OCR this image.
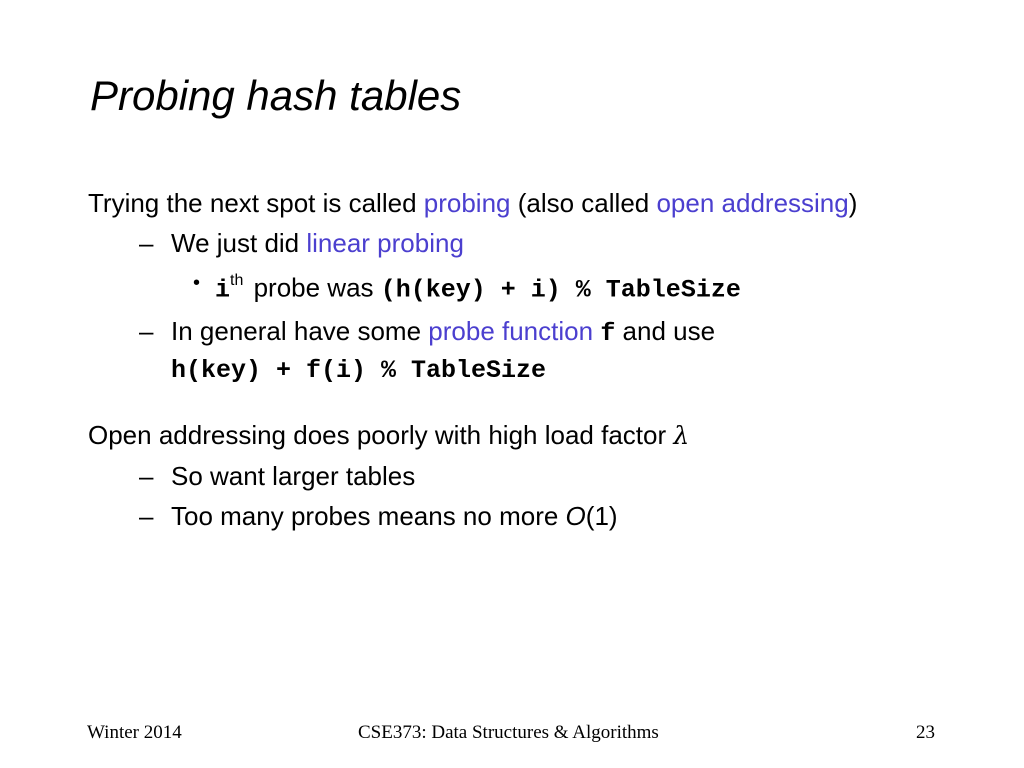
Probing hash tables
Trying the next spot is called probing (also called open addressing)
– We just did linear probing
• $i^{th}$ probe was (h(key) + i) % TableSize
– In general have some probe function f and use
h(key) + f(i) % TableSize
Open addressing does poorly with high load factor λ
– So want larger tables
– Too many probes means no more O(1)
Winter 2014	CSE373: Data Structures & Algorithms	23
